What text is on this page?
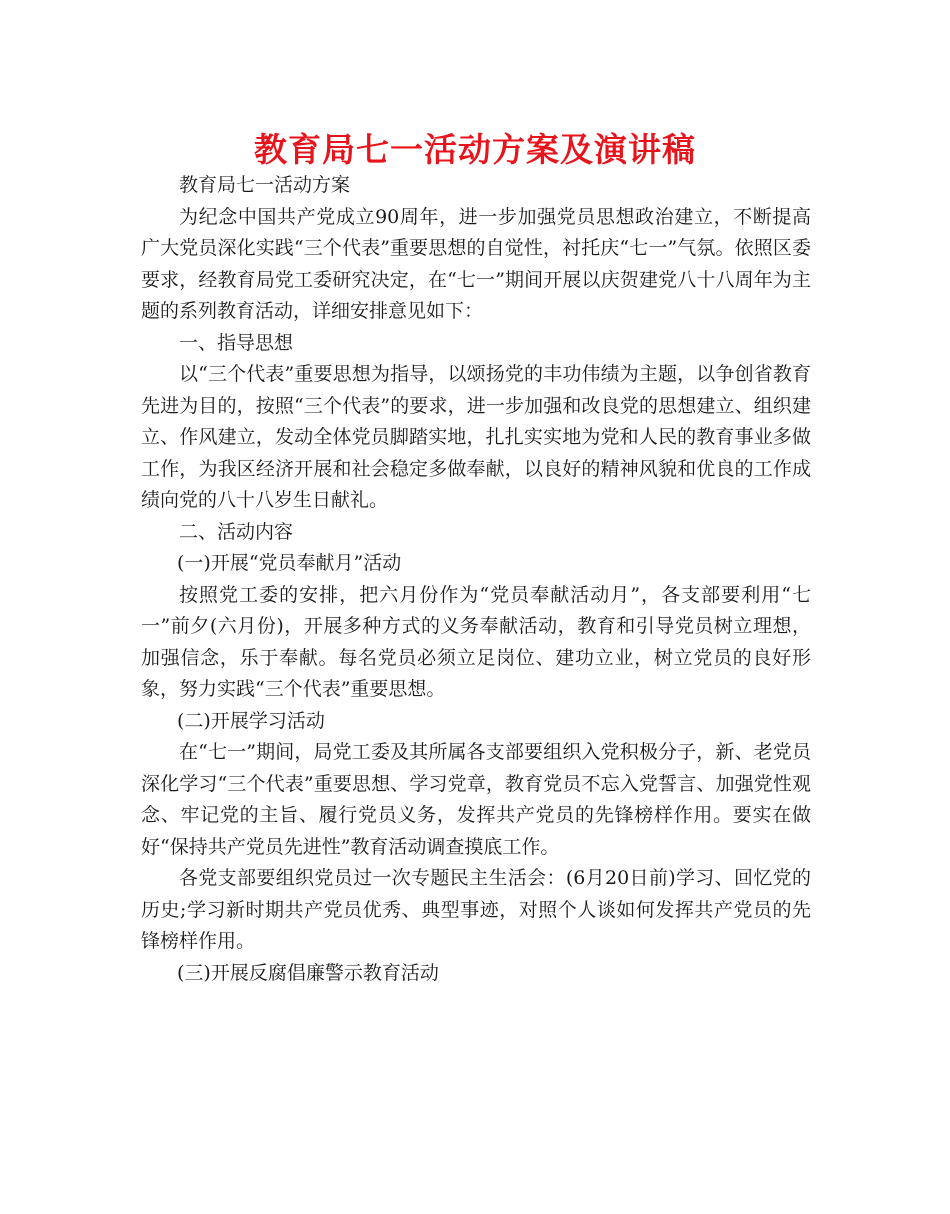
教育局七一活动方案及演讲稿

教育局七一活动方案

为纪念中国共产党成立90周年，进一步加强党员思想政治建立，不断提高广大党员深化实践“三个代表”重要思想的自觉性，衬托庆“七一”气氛。依照区委要求，经教育局党工委研究决定，在“七一”期间开展以庆贺建党八十八周年为主题的系列教育活动，详细安排意见如下：

一、指导思想

以“三个代表”重要思想为指导，以颂扬党的丰功伟绩为主题，以争创省教育先进为目的，按照“三个代表”的要求，进一步加强和改良党的思想建立、组织建立、作风建立，发动全体党员脚踏实地，扎扎实实地为党和人民的教育事业多做工作，为我区经济开展和社会稳定多做奉献，以良好的精神风貌和优良的工作成绩向党的八十八岁生日献礼。

二、活动内容

(一)开展“党员奉献月”活动

按照党工委的安排，把六月份作为“党员奉献活动月”，各支部要利用“七一”前夕(六月份)，开展多种方式的义务奉献活动，教育和引导党员树立理想，加强信念，乐于奉献。每名党员必须立足岗位、建功立业，树立党员的良好形象，努力实践“三个代表”重要思想。

(二)开展学习活动

在“七一”期间，局党工委及其所属各支部要组织入党积极分子，新、老党员深化学习“三个代表”重要思想、学习党章，教育党员不忘入党誓言、加强党性观念、牢记党的主旨、履行党员义务，发挥共产党员的先锋榜样作用。要实在做好“保持共产党员先进性”教育活动调查摸底工作。

各党支部要组织党员过一次专题民主生活会：(6月20日前)学习、回忆党的历史;学习新时期共产党员优秀、典型事迹，对照个人谈如何发挥共产党员的先锋榜样作用。

(三)开展反腐倡廉警示教育活动
